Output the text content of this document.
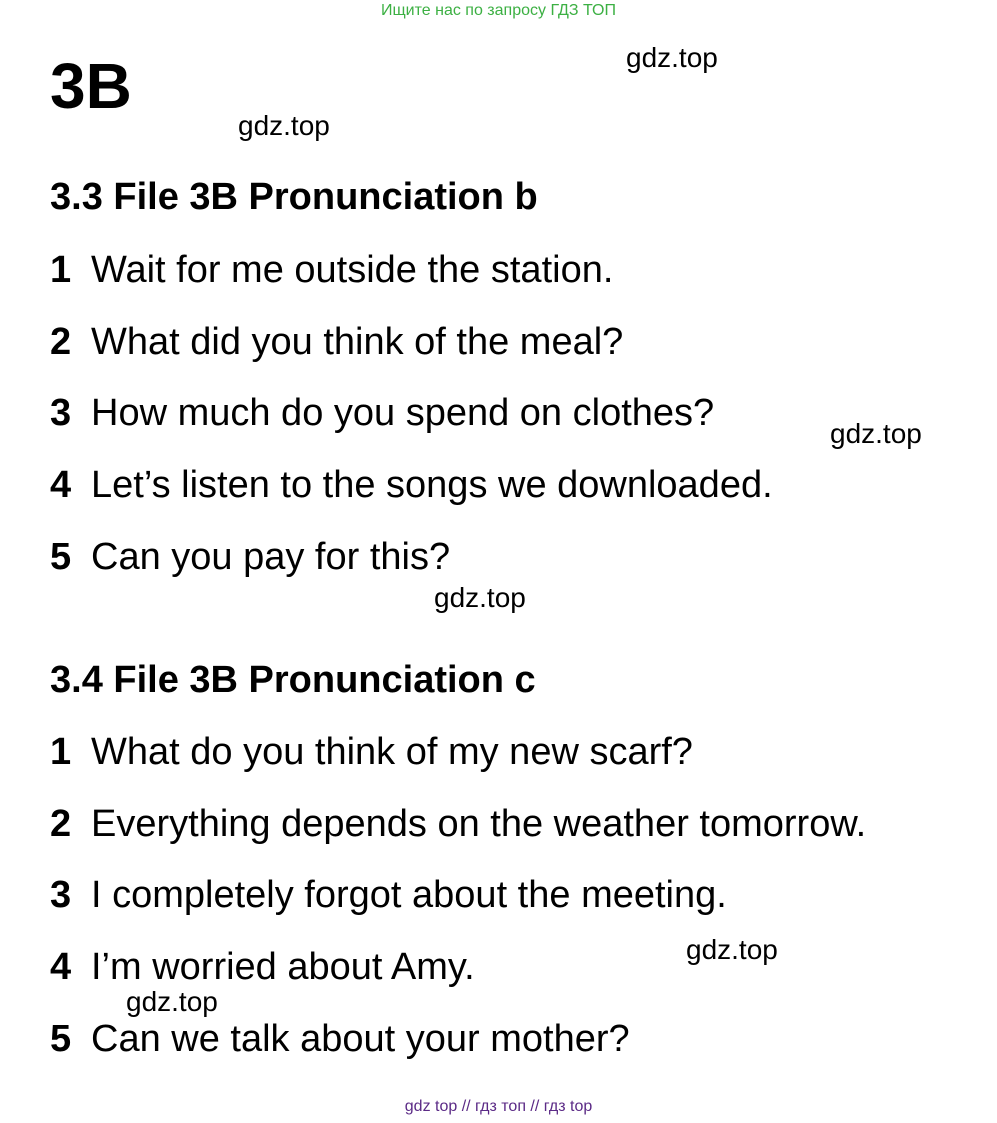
Ищите нас по запросу ГДЗ ТОП
3B	gdz.top
gdz.top
gdz.top
gdz.top
gdz.top
gdz.top
3.3 File 3B Pronunciation b
1 Wait for me outside the station.
2 What did you think of the meal?
3 How much do you spend on clothes?
4 Let’s listen to the songs we downloaded.
5 Can you pay for this?
3.4 File 3B Pronunciation c
1 What do you think of my new scarf?
2 Everything depends on the weather tomorrow.
3 I completely forgot about the meeting.
4 I’m worried about Amy.
5 Can we talk about your mother?
gdz top // гдз топ // гдз top
